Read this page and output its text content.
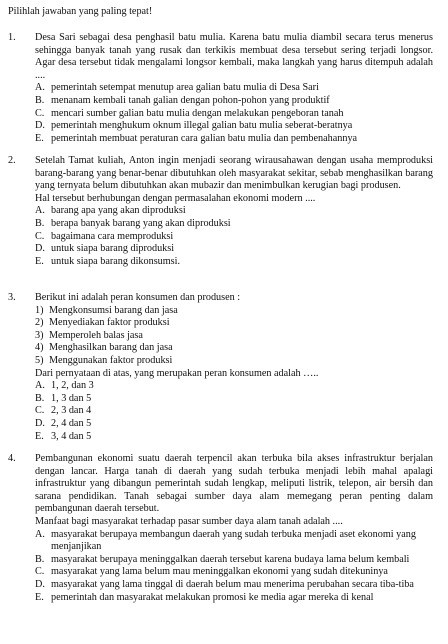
Pilihlah jawaban yang paling tepat!
1.	Desa Sari sebagai desa penghasil batu mulia. Karena batu mulia diambil secara terus menerus sehingga banyak tanah yang rusak dan terkikis membuat desa tersebut sering terjadi longsor. Agar desa tersebut tidak mengalami longsor kembali, maka langkah yang harus ditempuh adalah ....
A. pemerintah setempat menutup area galian batu mulia di Desa Sari
B. menanam kembali tanah galian dengan pohon-pohon yang produktif
C. mencari sumber galian batu mulia dengan melakukan pengeboran tanah
D. pemerintah menghukum oknum illegal galian batu mulia seberat-beratnya
E. pemerintah membuat peraturan cara galian batu mulia dan pembenahannya
2.	Setelah Tamat kuliah, Anton ingin menjadi seorang wirausahawan dengan usaha memproduksi barang-barang yang benar-benar dibutuhkan oleh masyarakat sekitar, sebab menghasilkan barang yang ternyata belum dibutuhkan akan mubazir dan menimbulkan kerugian bagi produsen.
Hal tersebut berhubungan dengan permasalahan ekonomi modern ....
A. barang apa yang akan diproduksi
B. berapa banyak barang yang akan diproduksi
C. bagaimana cara memproduksi
D. untuk siapa barang diproduksi
E. untuk siapa barang dikonsumsi.
3.	Berikut ini adalah peran konsumen dan produsen :
1) Mengkonsumsi barang dan jasa
2) Menyediakan faktor produksi
3) Memperoleh balas jasa
4) Menghasilkan barang dan jasa
5) Menggunakan faktor produksi
Dari pernyataan di atas, yang merupakan peran konsumen adalah …..
A. 1, 2, dan 3
B. 1, 3 dan 5
C. 2, 3 dan 4
D. 2, 4 dan 5
E. 3, 4 dan 5
4.	Pembangunan ekonomi suatu daerah terpencil akan terbuka bila akses infrastruktur berjalan dengan lancar. Harga tanah di daerah yang sudah terbuka menjadi lebih mahal apalagi infrastruktur yang dibangun pemerintah sudah lengkap, meliputi listrik, telepon, air bersih dan sarana pendidikan. Tanah sebagai sumber daya alam memegang peran penting dalam pembangunan daerah tersebut.
Manfaat bagi masyarakat terhadap pasar sumber daya alam tanah adalah ....
A. masyarakat berupaya membangun daerah yang sudah terbuka menjadi aset ekonomi yang menjanjikan
B. masyarakat berupaya meninggalkan daerah tersebut karena budaya lama belum kembali
C. masyarakat yang lama belum mau meninggalkan ekonomi yang sudah ditekuninya
D. masyarakat yang lama tinggal di daerah belum mau menerima perubahan secara tiba-tiba
E. pemerintah dan masyarakat melakukan promosi ke media agar mereka di kenal
